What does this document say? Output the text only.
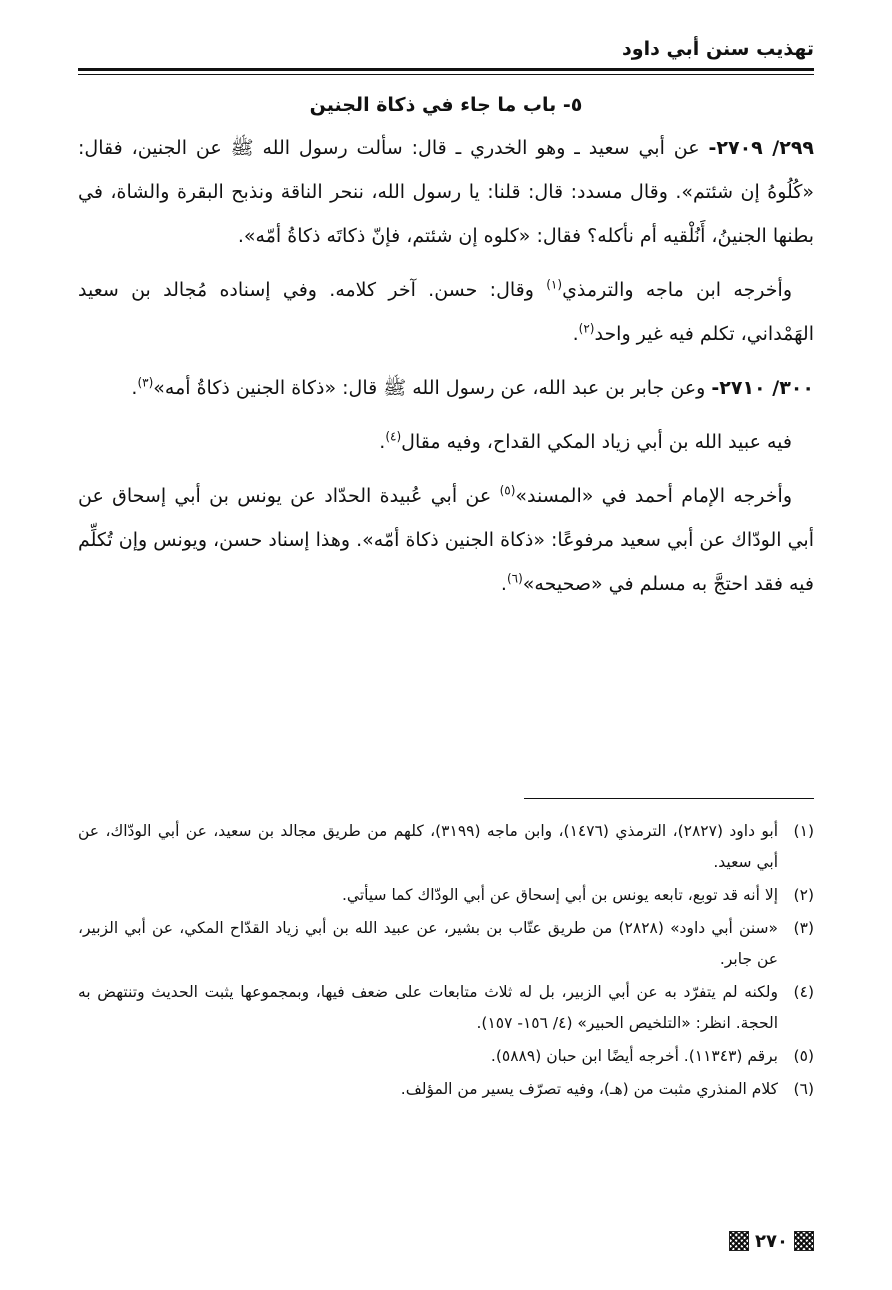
تهذيب سنن أبي داود
٥- باب ما جاء في ذكاة الجنين

٢٩٩/ ٢٧٠٩- عن أبي سعيد ـ وهو الخدري ـ قال: سألت رسول الله ﷺ عن الجنين، فقال: «كُلُوهُ إن شئتم». وقال مسدد: قال: قلنا: يا رسول الله، ننحر الناقة ونذبح البقرة والشاة، في بطنها الجنينُ، أَنُلْقيه أم نأكله؟ فقال: «كلوه إن شئتم، فإنّ ذكاتَه ذكاةُ أمّه».

وأخرجه ابن ماجه والترمذي$^{(١)}$ وقال: حسن. آخر كلامه. وفي إسناده مُجالد بن سعيد الهَمْداني، تكلم فيه غير واحد$^{(٢)}$.

٣٠٠/ ٢٧١٠- وعن جابر بن عبد الله، عن رسول الله ﷺ قال: «ذكاة الجنين ذكاةُ أمه»$^{(٣)}$.

فيه عبيد الله بن أبي زياد المكي القداح، وفيه مقال$^{(٤)}$.

وأخرجه الإمام أحمد في «المسند»$^{(٥)}$ عن أبي عُبيدة الحدّاد عن يونس بن أبي إسحاق عن أبي الودّاك عن أبي سعيد مرفوعًا: «ذكاة الجنين ذكاة أمّه». وهذا إسناد حسن، ويونس وإن تُكلِّم فيه فقد احتجَّ به مسلم في «صحيحه»$^{(٦)}$.

(١)
أبو داود (٢٨٢٧)، الترمذي (١٤٧٦)، وابن ماجه (٣١٩٩)، كلهم من طريق مجالد بن سعيد، عن أبي الودّاك، عن أبي سعيد.
(٢)
إلا أنه قد توبع، تابعه يونس بن أبي إسحاق عن أبي الودّاك كما سيأتي.
(٣)
«سنن أبي داود» (٢٨٢٨) من طريق عتّاب بن بشير، عن عبيد الله بن أبي زياد القدّاح المكي، عن أبي الزبير، عن جابر.
(٤)
ولكنه لم يتفرّد به عن أبي الزبير، بل له ثلاث متابعات على ضعف فيها، وبمجموعها يثبت الحديث وتنتهض به الحجة. انظر: «التلخيص الحبير» (٤/ ١٥٦- ١٥٧).
(٥)
برقم (١١٣٤٣). أخرجه أيضًا ابن حبان (٥٨٨٩).
(٦)
كلام المنذري مثبت من (هـ)، وفيه تصرّف يسير من المؤلف.
٢٧٠
